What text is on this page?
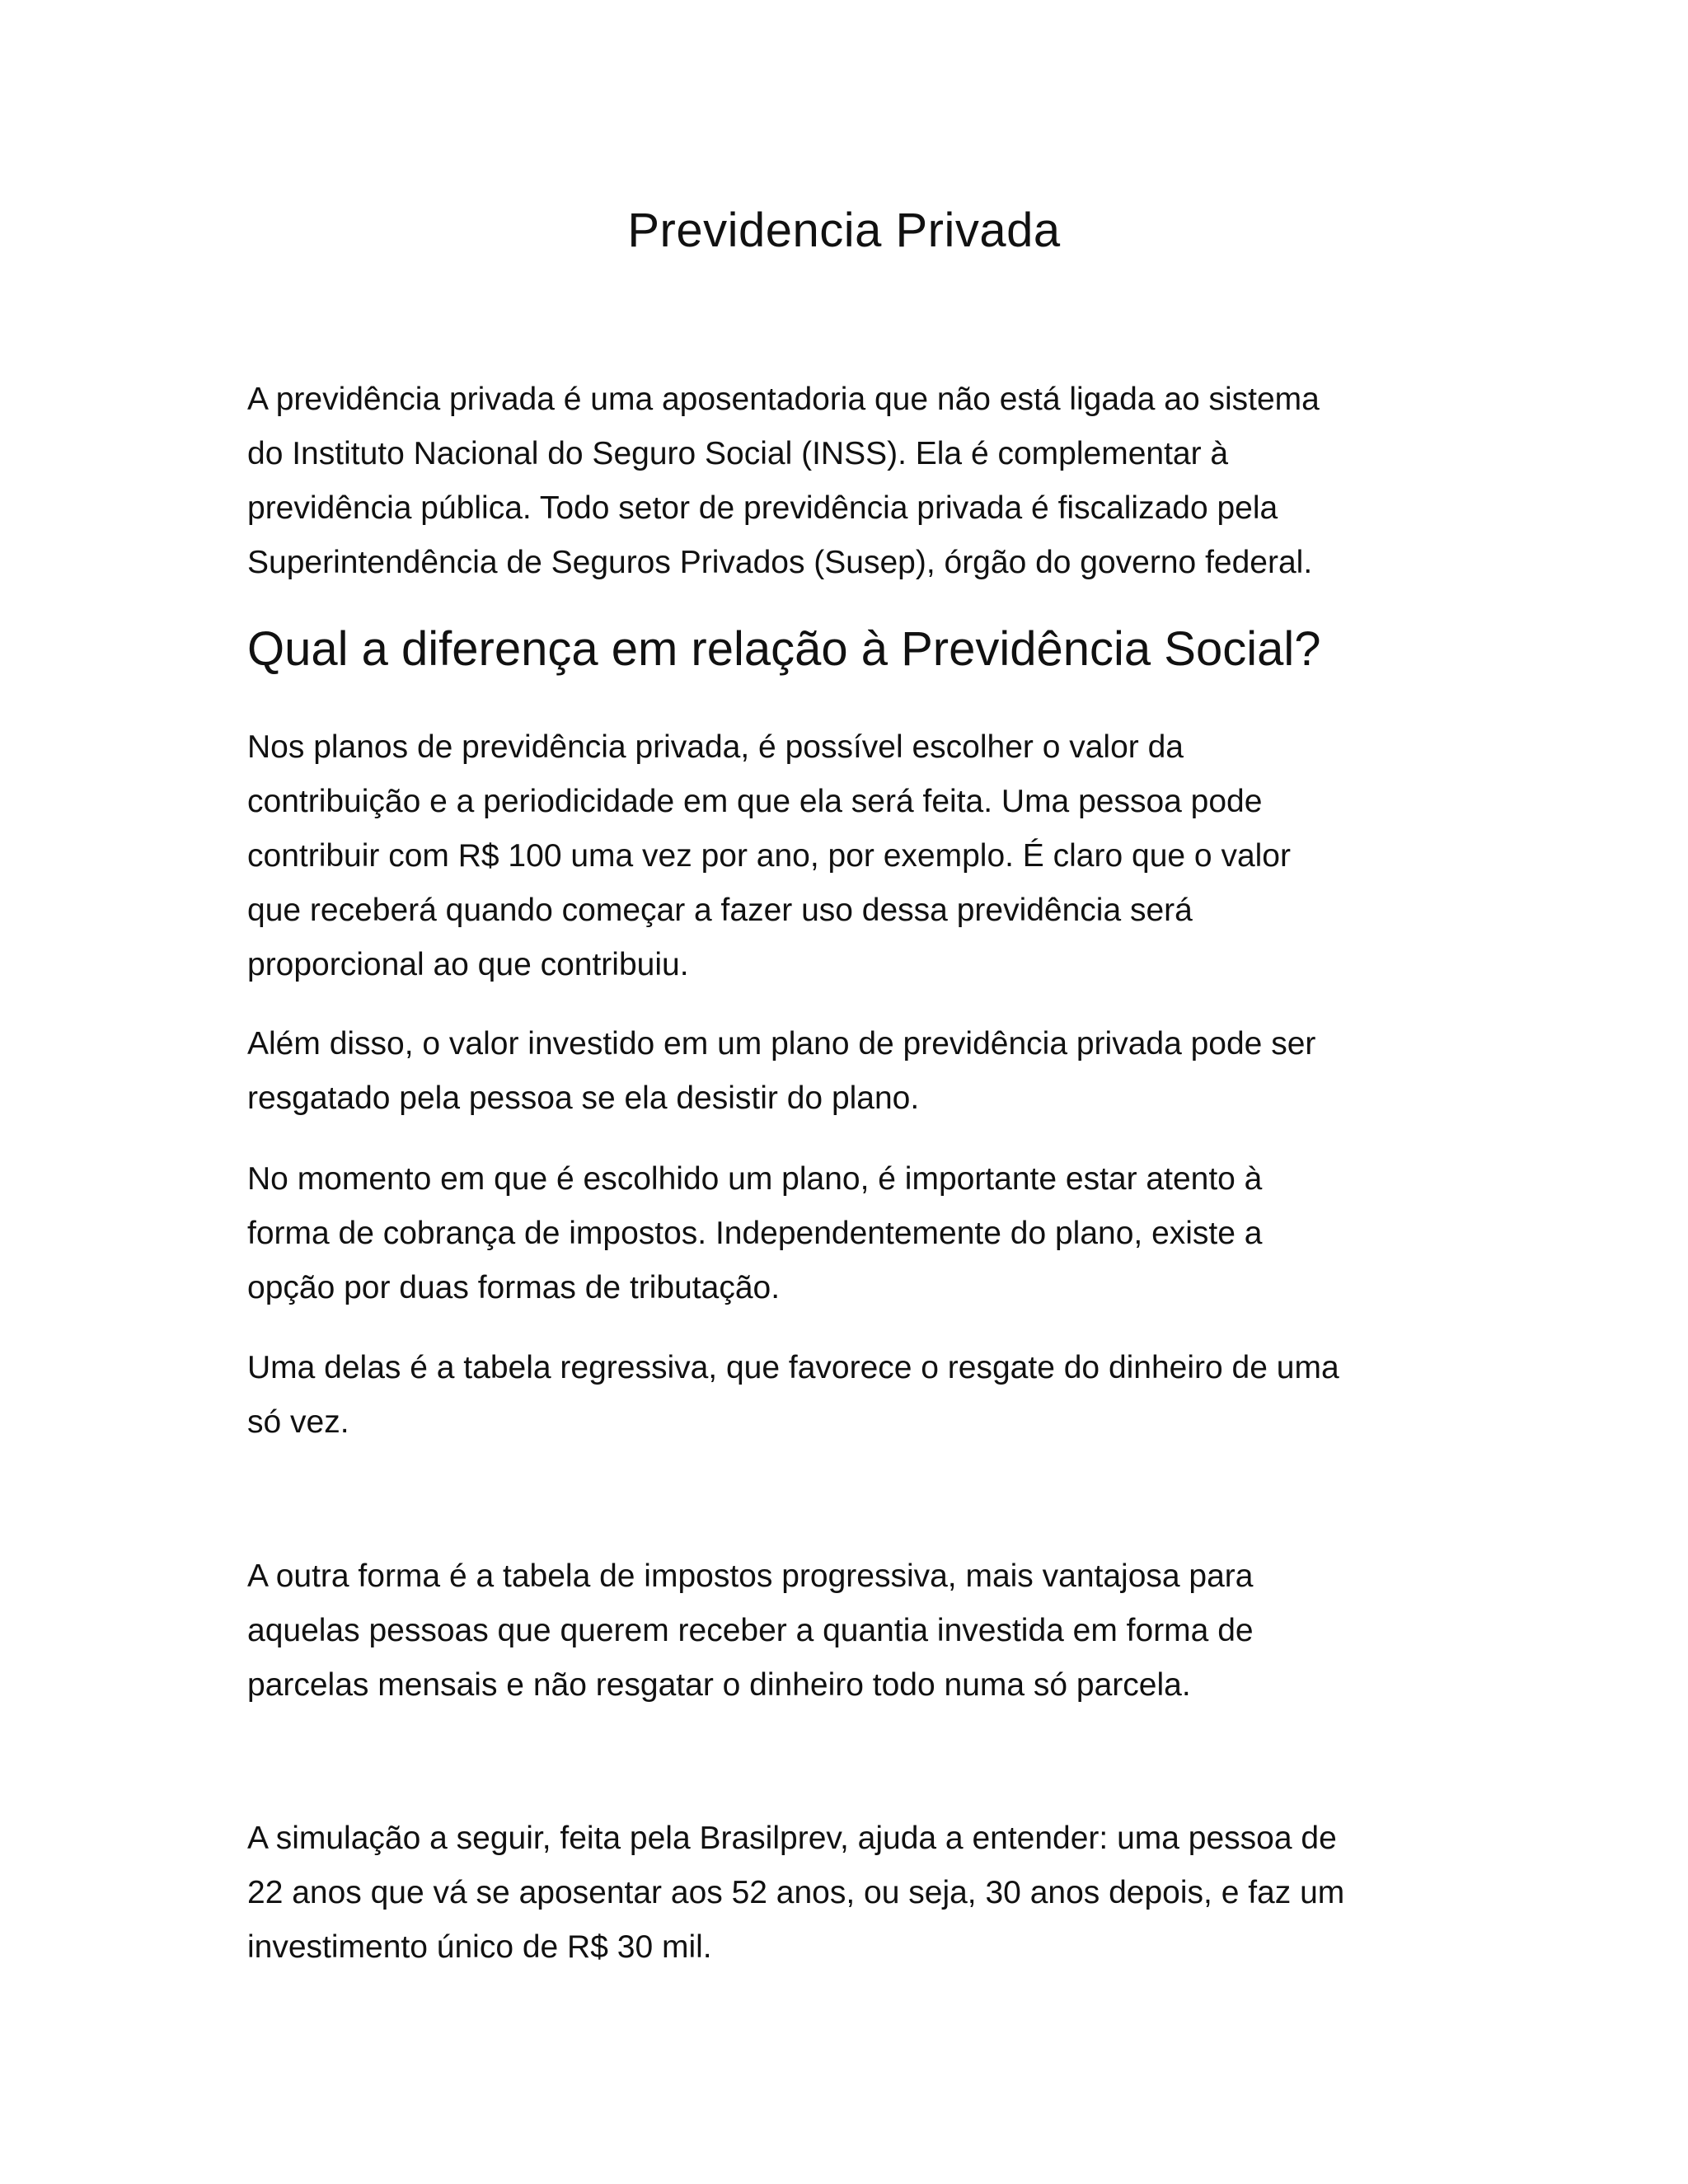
Previdencia Privada

A previdência privada é uma aposentadoria que não está ligada ao sistema
do Instituto Nacional do Seguro Social (INSS). Ela é complementar à
previdência pública. Todo setor de previdência privada é fiscalizado pela
Superintendência de Seguros Privados (Susep), órgão do governo federal.

Qual a diferença em relação à Previdência Social?

Nos planos de previdência privada, é possível escolher o valor da
contribuição e a periodicidade em que ela será feita. Uma pessoa pode
contribuir com R$ 100 uma vez por ano, por exemplo. É claro que o valor
que receberá quando começar a fazer uso dessa previdência será
proporcional ao que contribuiu.

Além disso, o valor investido em um plano de previdência privada pode ser
resgatado pela pessoa se ela desistir do plano.

No momento em que é escolhido um plano, é importante estar atento à
forma de cobrança de impostos. Independentemente do plano, existe a
opção por duas formas de tributação.

Uma delas é a tabela regressiva, que favorece o resgate do dinheiro de uma
só vez.

A outra forma é a tabela de impostos progressiva, mais vantajosa para
aquelas pessoas que querem receber a quantia investida em forma de
parcelas mensais e não resgatar o dinheiro todo numa só parcela.

A simulação a seguir, feita pela Brasilprev, ajuda a entender: uma pessoa de
22 anos que vá se aposentar aos 52 anos, ou seja, 30 anos depois, e faz um
investimento único de R$ 30 mil.
